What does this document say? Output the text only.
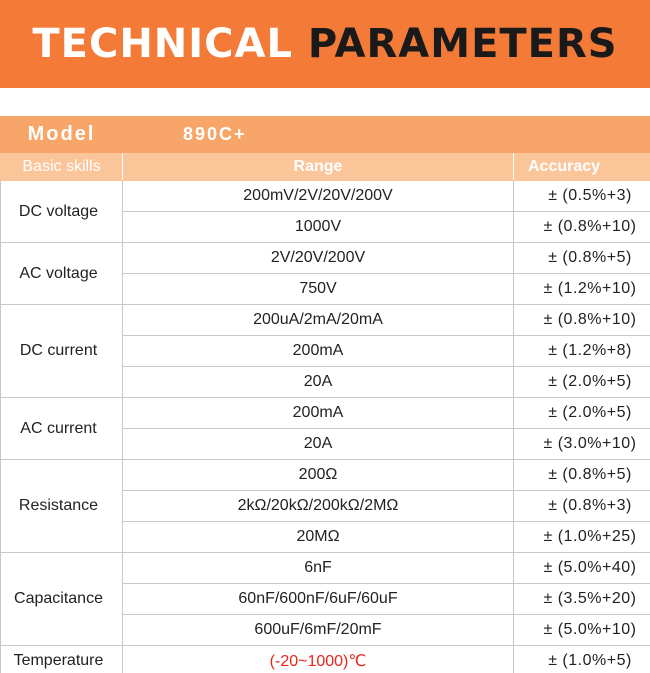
TECHNICAL PARAMETERS
Model	890C+	
Basic skills	Range	Accuracy
DC voltage	200mV/2V/20V/200V	± (0.5%+3)
	1000V	± (0.8%+10)
AC voltage	2V/20V/200V	± (0.8%+5)
	750V	± (1.2%+10)
DC current	200uA/2mA/20mA	± (0.8%+10)
	200mA	± (1.2%+8)
	20A	± (2.0%+5)
AC current	200mA	± (2.0%+5)
	20A	± (3.0%+10)
Resistance	200Ω	± (0.8%+5)
	2kΩ/20kΩ/200kΩ/2MΩ	± (0.8%+3)
	20MΩ	± (1.0%+25)
Capacitance	6nF	± (5.0%+40)
	60nF/600nF/6uF/60uF	± (3.5%+20)
	600uF/6mF/20mF	± (5.0%+10)
Temperature	(-20~1000)℃	± (1.0%+5)
